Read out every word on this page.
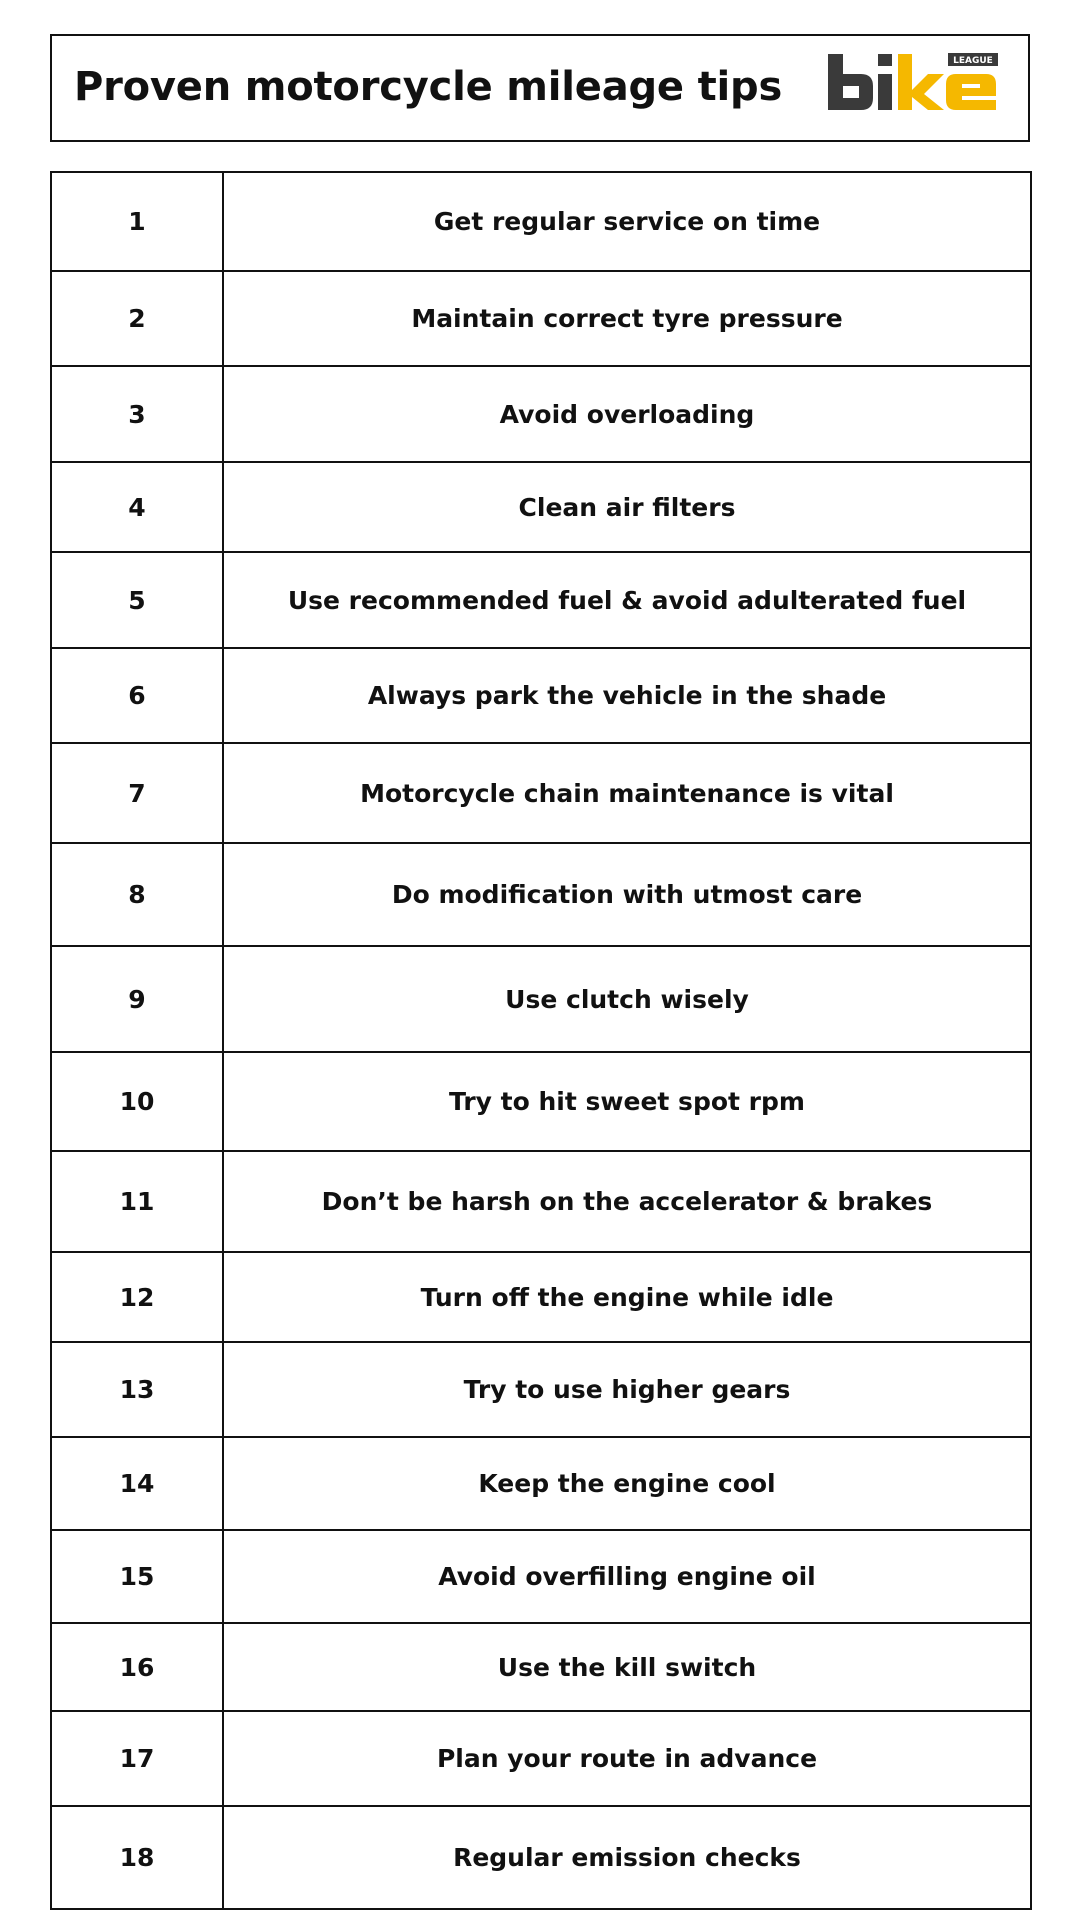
Proven motorcycle mileage tips
LEAGUE
1	Get regular service on time
2	Maintain correct tyre pressure
3	Avoid overloading
4	Clean air filters
5	Use recommended fuel & avoid adulterated fuel
6	Always park the vehicle in the shade
7	Motorcycle chain maintenance is vital
8	Do modification with utmost care
9	Use clutch wisely
10	Try to hit sweet spot rpm
11	Don’t be harsh on the accelerator & brakes
12	Turn off the engine while idle
13	Try to use higher gears
14	Keep the engine cool
15	Avoid overfilling engine oil
16	Use the kill switch
17	Plan your route in advance
18	Regular emission checks
